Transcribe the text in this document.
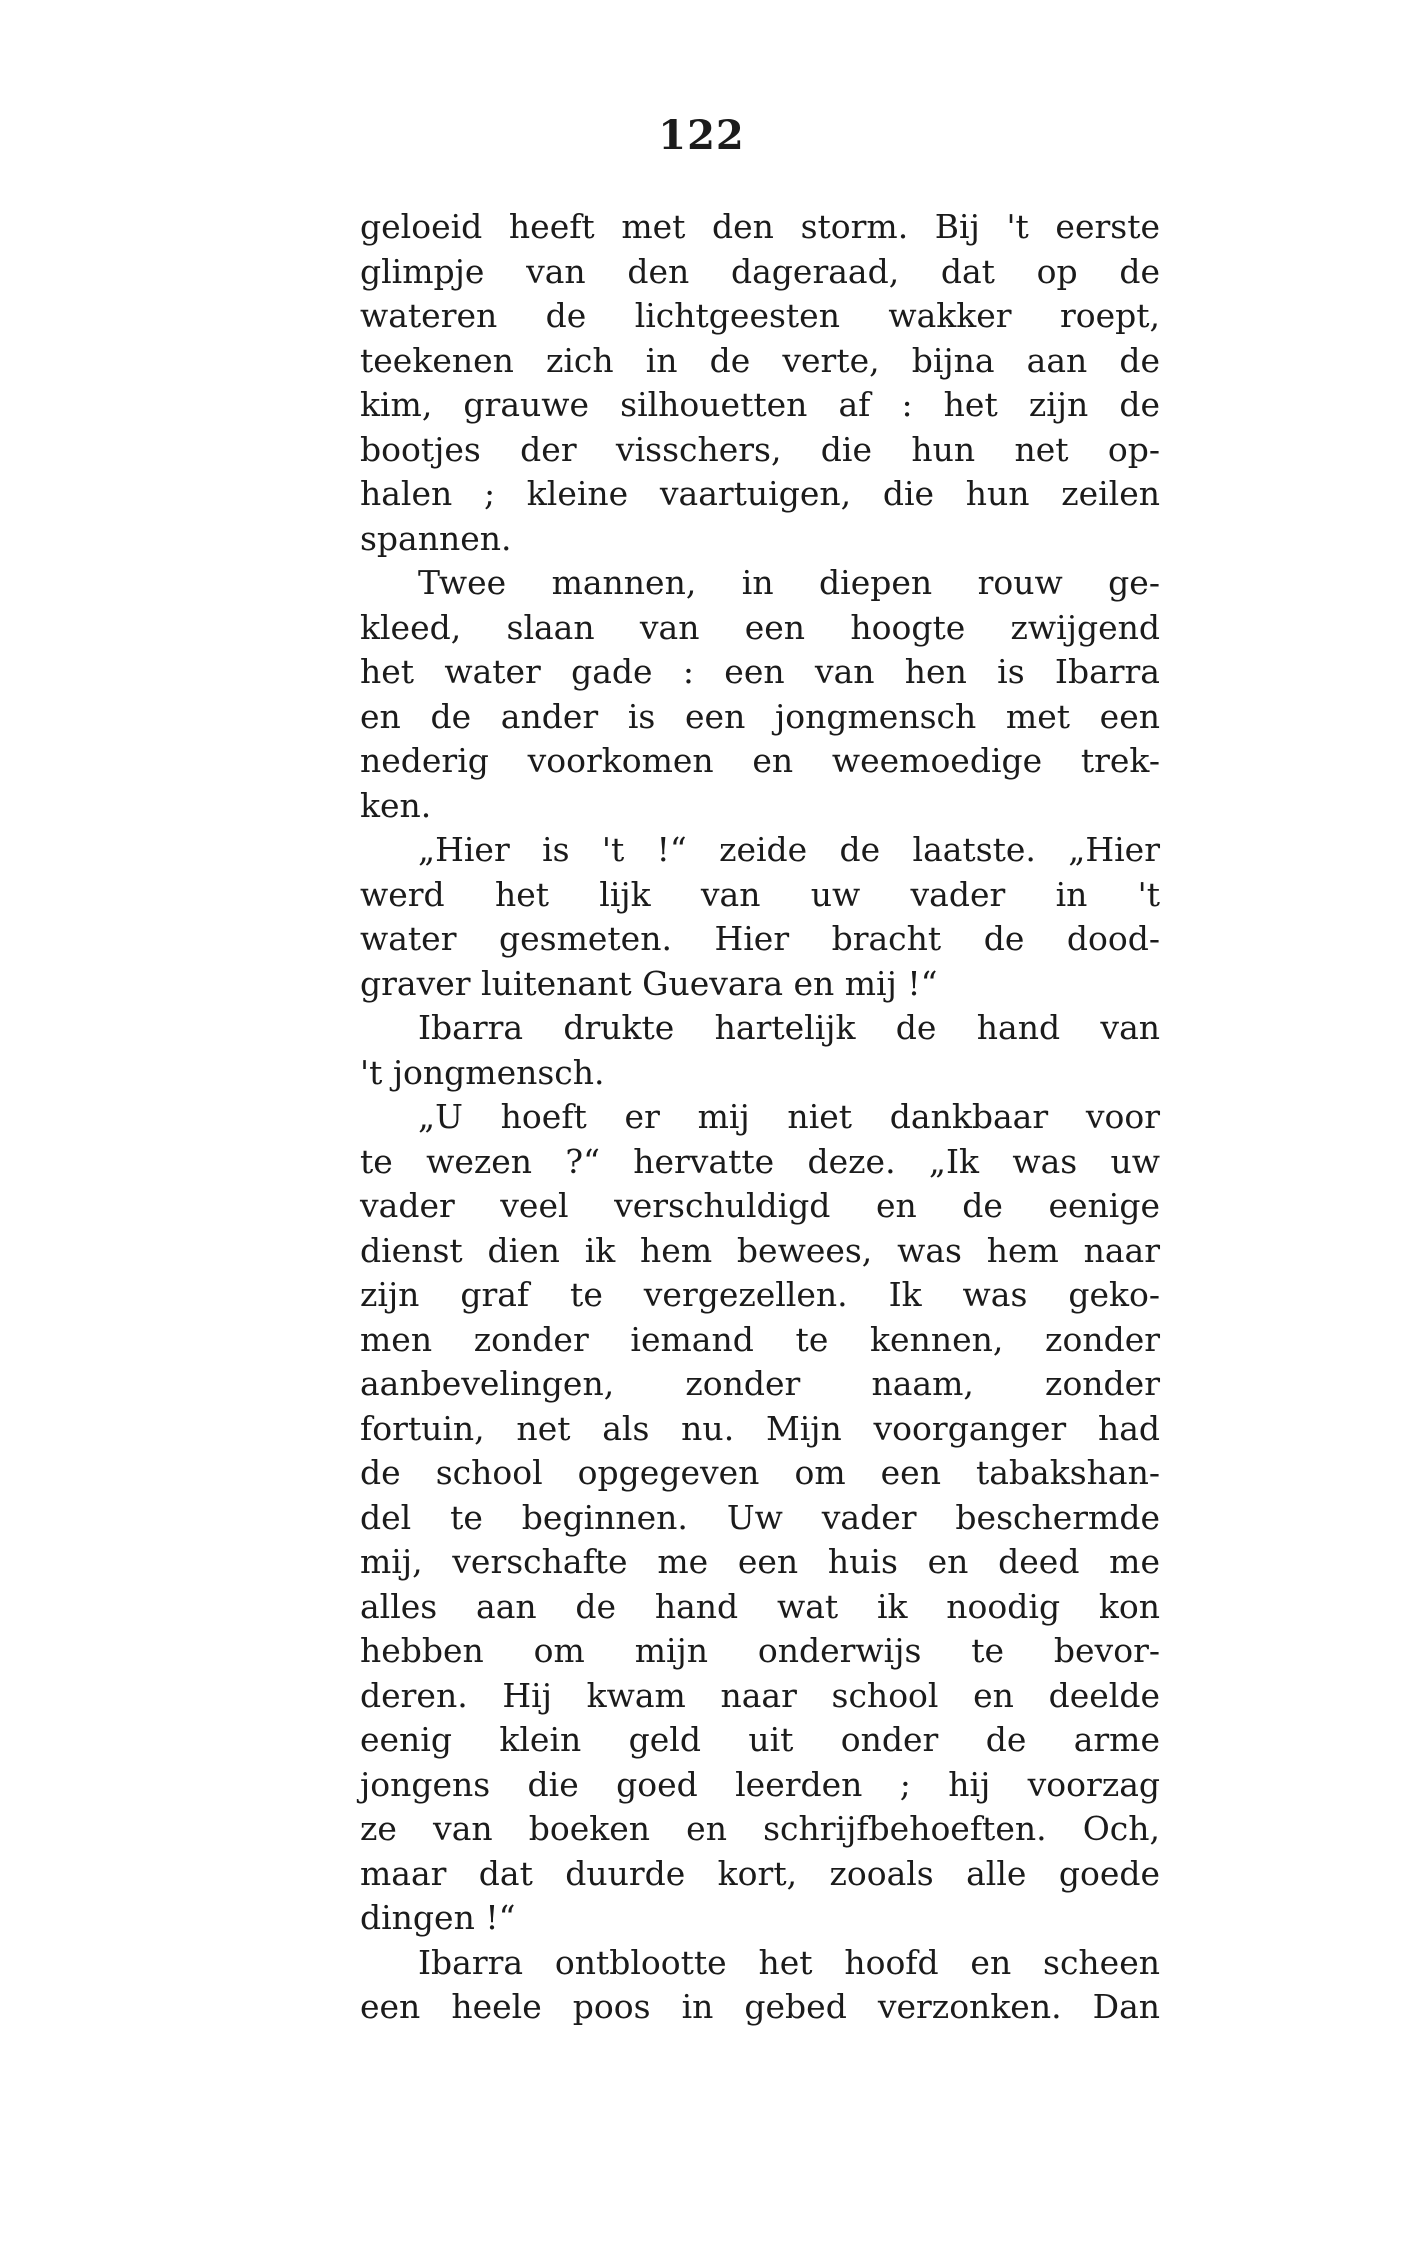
122
geloeid heeft met den storm. Bij 't eerste
glimpje van den dageraad, dat op de
wateren de lichtgeesten wakker roept,
teekenen zich in de verte, bijna aan de
kim, grauwe silhouetten af : het zijn de
bootjes der visschers, die hun net op-
halen ; kleine vaartuigen, die hun zeilen
spannen.
Twee mannen, in diepen rouw ge-
kleed, slaan van een hoogte zwijgend
het water gade : een van hen is Ibarra
en de ander is een jongmensch met een
nederig voorkomen en weemoedige trek-
ken.
„Hier is 't !“ zeide de laatste. „Hier
werd het lijk van uw vader in 't
water gesmeten. Hier bracht de dood-
graver luitenant Guevara en mij !“
Ibarra drukte hartelijk de hand van
't jongmensch.
„U hoeft er mij niet dankbaar voor
te wezen ?“ hervatte deze. „Ik was uw
vader veel verschuldigd en de eenige
dienst dien ik hem bewees, was hem naar
zijn graf te vergezellen. Ik was geko-
men zonder iemand te kennen, zonder
aanbevelingen, zonder naam, zonder
fortuin, net als nu. Mijn voorganger had
de school opgegeven om een tabakshan-
del te beginnen. Uw vader beschermde
mij, verschafte me een huis en deed me
alles aan de hand wat ik noodig kon
hebben om mijn onderwijs te bevor-
deren. Hij kwam naar school en deelde
eenig klein geld uit onder de arme
jongens die goed leerden ; hij voorzag
ze van boeken en schrijfbehoeften. Och,
maar dat duurde kort, zooals alle goede
dingen !“
Ibarra ontblootte het hoofd en scheen
een heele poos in gebed verzonken. Dan
